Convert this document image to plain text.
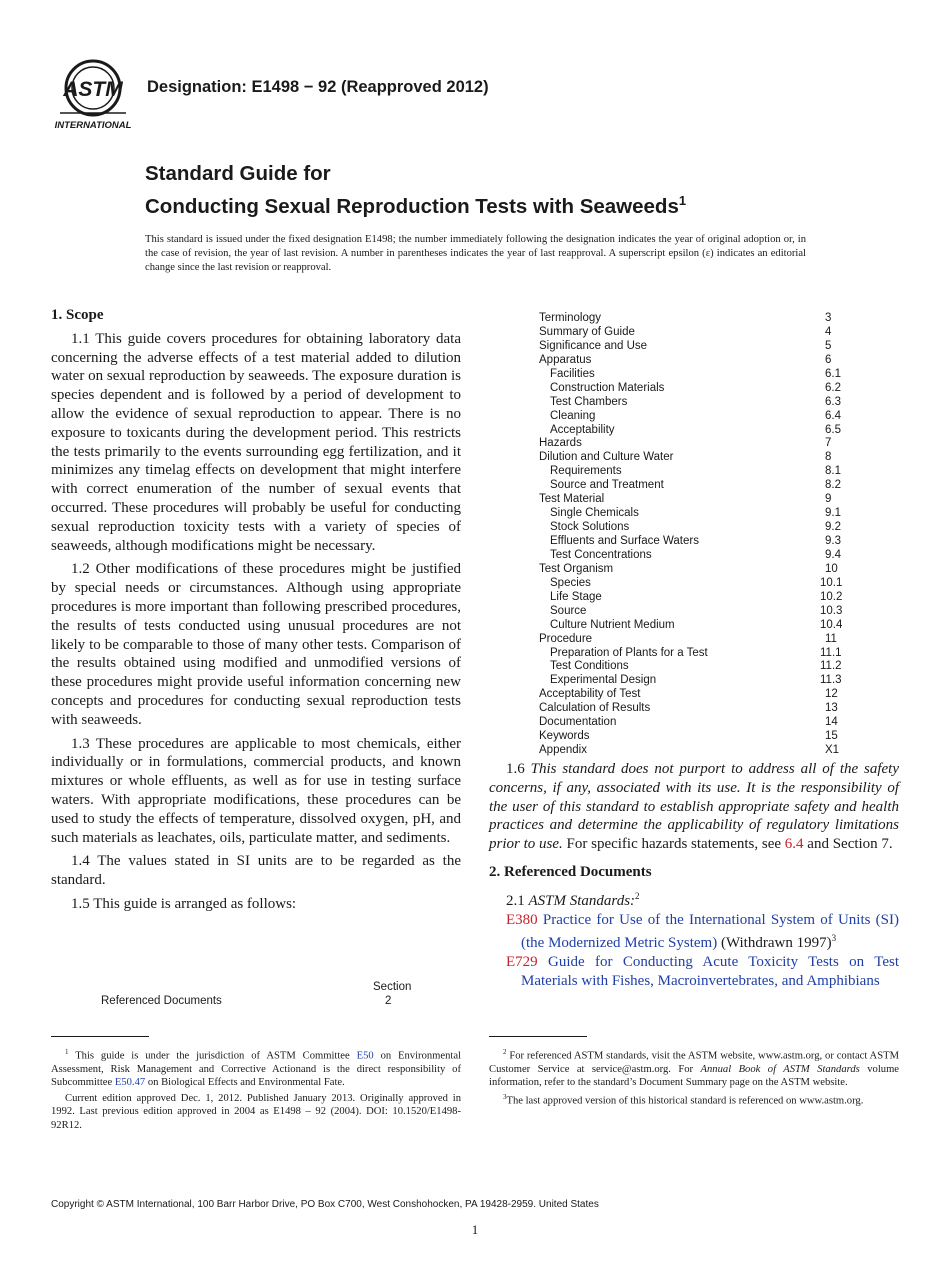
ASTM
INTERNATIONAL
Designation: E1498 − 92 (Reapproved 2012)
Standard Guide for
Conducting Sexual Reproduction Tests with Seaweeds$^1$
This standard is issued under the fixed designation E1498; the number immediately following the designation indicates the year of original adoption or, in the case of revision, the year of last revision. A number in parentheses indicates the year of last reapproval. A superscript epsilon (ε) indicates an editorial change since the last revision or reapproval.
1. Scope

1.1 This guide covers procedures for obtaining laboratory data concerning the adverse effects of a test material added to dilution water on sexual reproduction by seaweeds. The exposure duration is species dependent and is followed by a period of development to allow the evidence of sexual reproduction to appear. There is no exposure to toxicants during the development period. This restricts the tests primarily to the events surrounding egg fertilization, and it minimizes any timelag effects on development that might interfere with correct enumeration of the number of sexual events that occurred. These procedures will probably be useful for conducting sexual reproduction toxicity tests with a variety of species of seaweeds, although modifications might be necessary.

1.2 Other modifications of these procedures might be justified by special needs or circumstances. Although using appropriate procedures is more important than following prescribed procedures, the results of tests conducted using unusual procedures are not likely to be comparable to those of many other tests. Comparison of the results obtained using modified and unmodified versions of these procedures might provide useful information concerning new concepts and procedures for conducting sexual reproduction tests with seaweeds.

1.3 These procedures are applicable to most chemicals, either individually or in formulations, commercial products, and known mixtures or whole effluents, as well as for use in testing surface waters. With appropriate modifications, these procedures can be used to study the effects of temperature, dissolved oxygen, pH, and such materials as leachates, oils, particulate matter, and sediments.

1.4 The values stated in SI units are to be regarded as the standard.

1.5 This guide is arranged as follows:

Section
Referenced Documents	2

$^1$ This guide is under the jurisdiction of ASTM Committee E50 on Environmental Assessment, Risk Management and Corrective Actionand is the direct responsibility of Subcommittee E50.47 on Biological Effects and Environmental Fate.

Current edition approved Dec. 1, 2012. Published January 2013. Originally approved in 1992. Last previous edition approved in 2004 as E1498 – 92 (2004). DOI: 10.1520/E1498-92R12.

Terminology	3
Summary of Guide	4
Significance and Use	5
Apparatus	6
Facilities	6.1
Construction Materials	6.2
Test Chambers	6.3
Cleaning	6.4
Acceptability	6.5
Hazards	7
Dilution and Culture Water	8
Requirements	8.1
Source and Treatment	8.2
Test Material	9
Single Chemicals	9.1
Stock Solutions	9.2
Effluents and Surface Waters	9.3
Test Concentrations	9.4
Test Organism	10
Species	10.1
Life Stage	10.2
Source	10.3
Culture Nutrient Medium	10.4
Procedure	11
Preparation of Plants for a Test	11.1
Test Conditions	11.2
Experimental Design	11.3
Acceptability of Test	12
Calculation of Results	13
Documentation	14
Keywords	15
Appendix	X1

1.6 This standard does not purport to address all of the safety concerns, if any, associated with its use. It is the responsibility of the user of this standard to establish appropriate safety and health practices and determine the applicability of regulatory limitations prior to use. For specific hazards statements, see 6.4 and Section 7.

2. Referenced Documents

2.1 ASTM Standards:$^2$

E380 Practice for Use of the International System of Units (SI) (the Modernized Metric System) (Withdrawn 1997)$^3$

E729 Guide for Conducting Acute Toxicity Tests on Test Materials with Fishes, Macroinvertebrates, and Amphibians

$^2$ For referenced ASTM standards, visit the ASTM website, www.astm.org, or contact ASTM Customer Service at service@astm.org. For Annual Book of ASTM Standards volume information, refer to the standard’s Document Summary page on the ASTM website.

$^3$The last approved version of this historical standard is referenced on www.astm.org.

Copyright © ASTM International, 100 Barr Harbor Drive, PO Box C700, West Conshohocken, PA 19428-2959. United States
1
